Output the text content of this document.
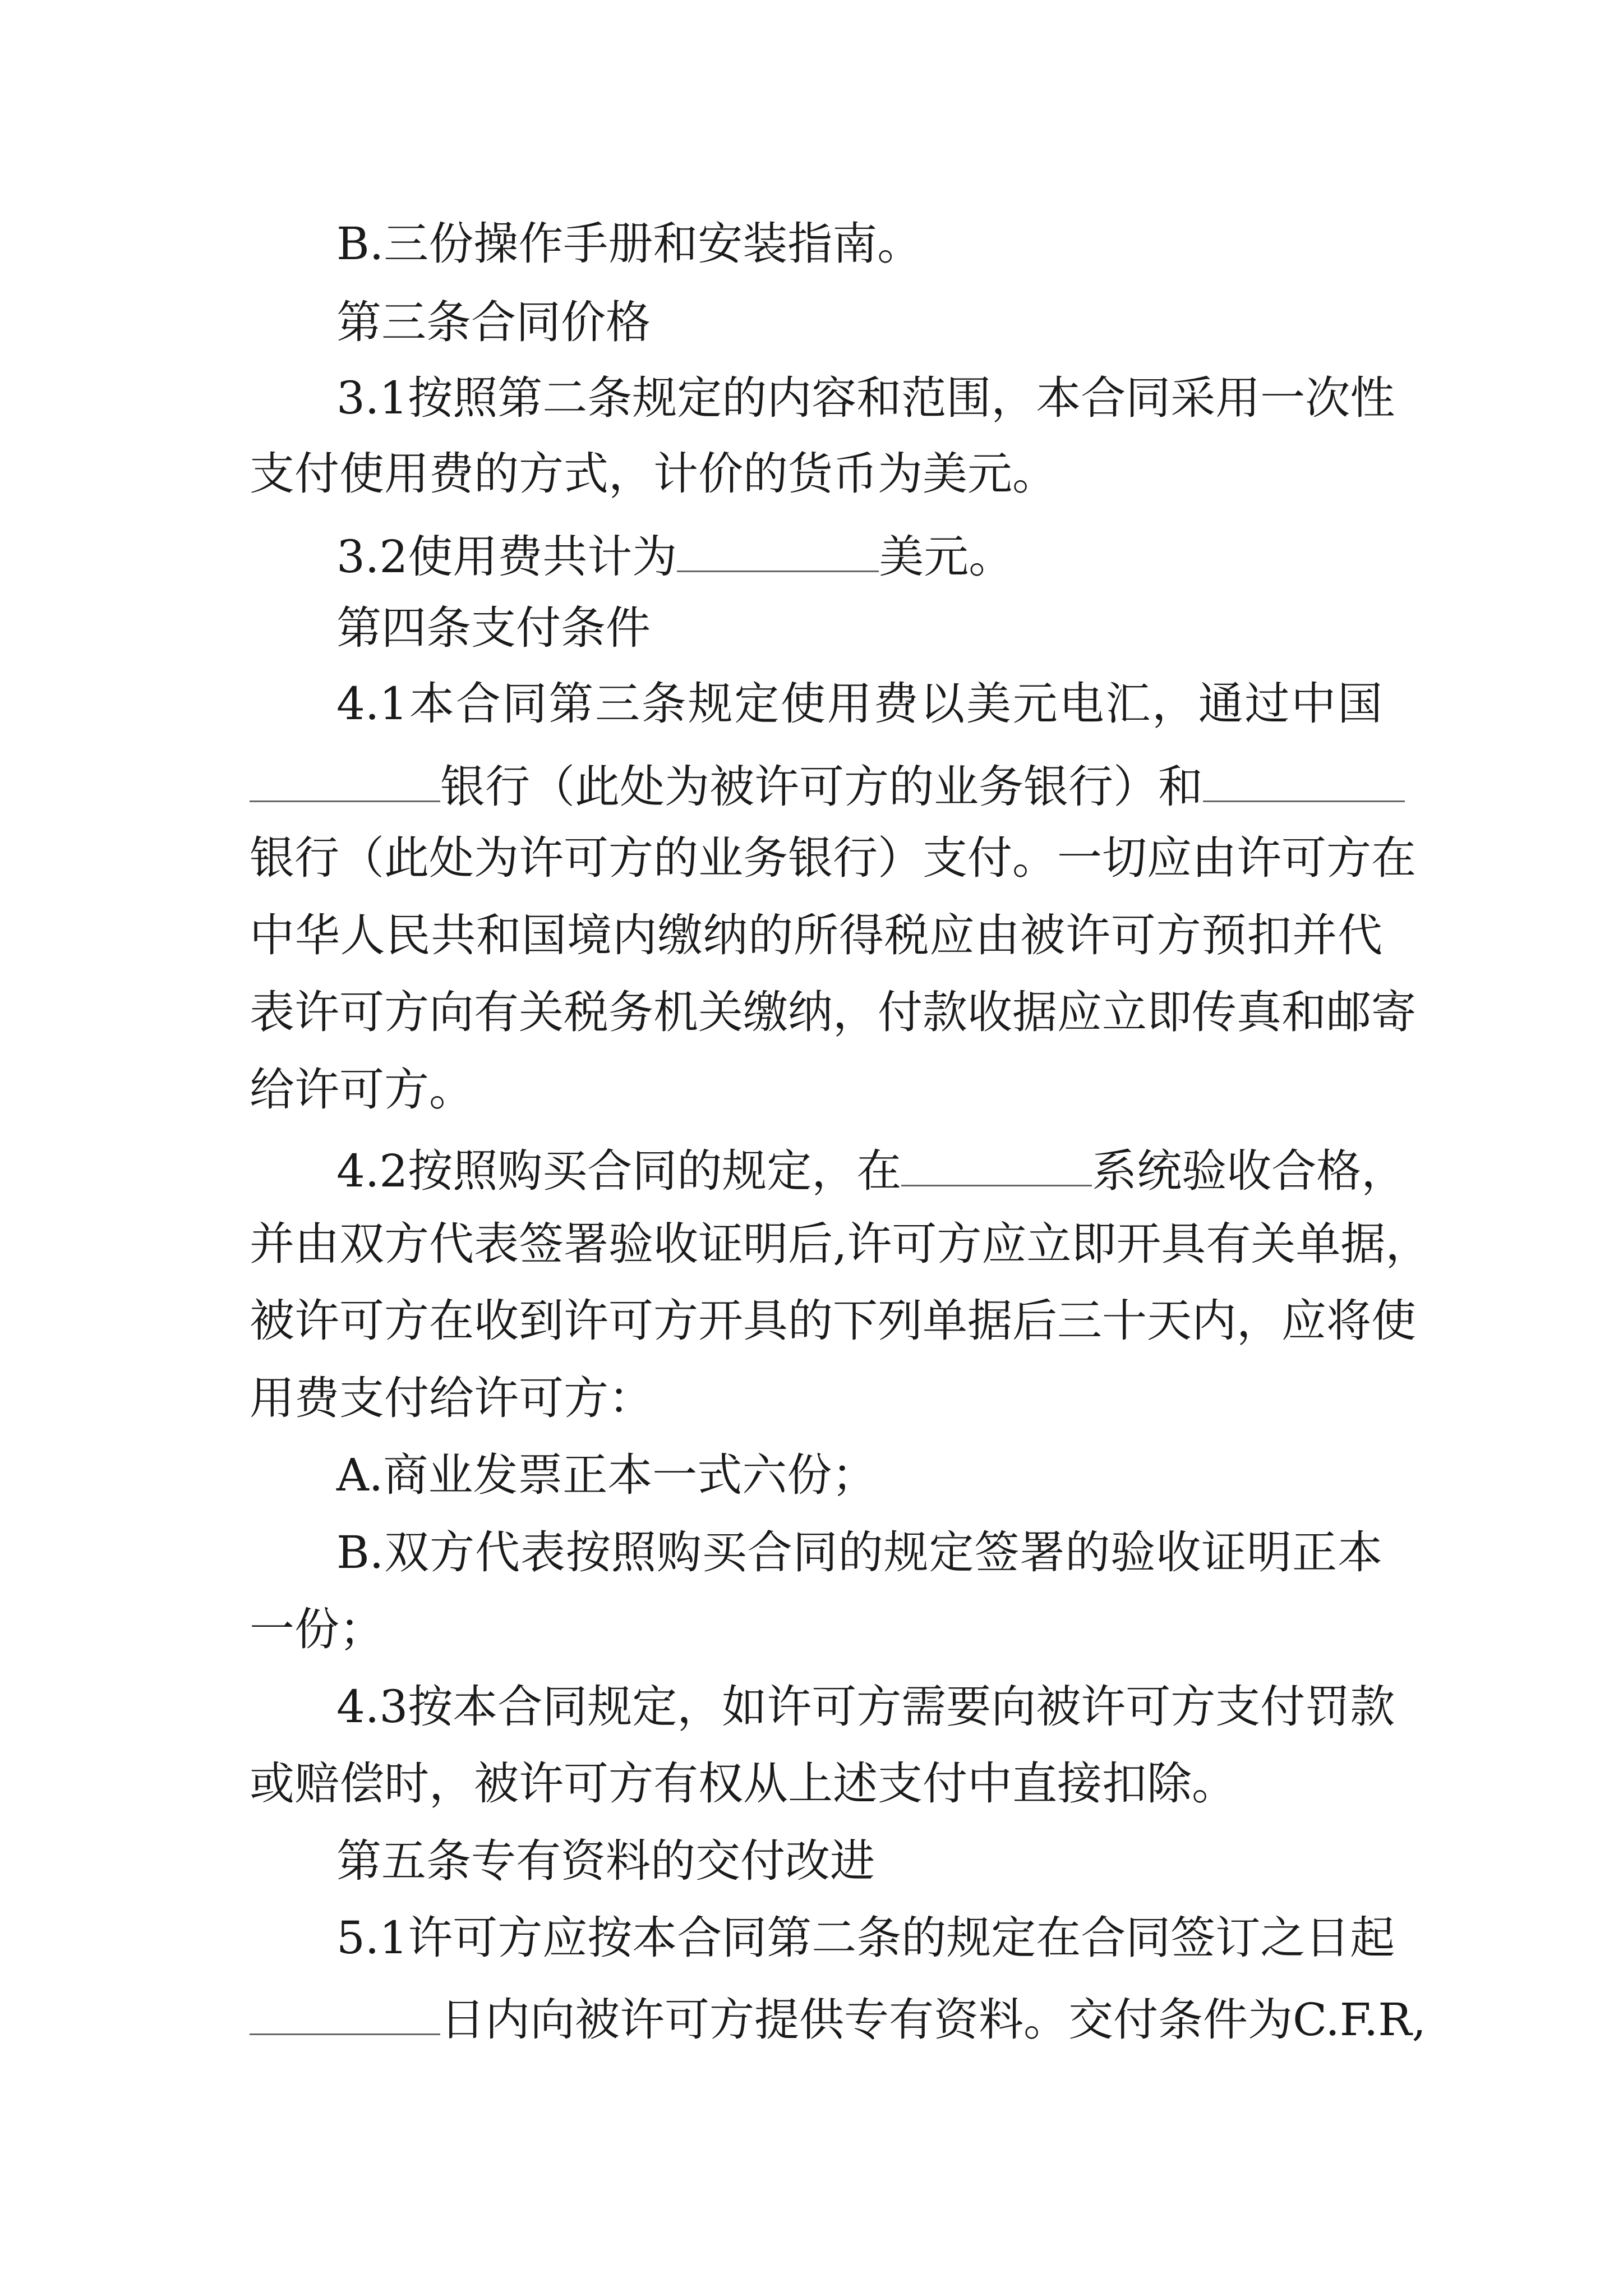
B.三份操作手册和安装指南。
第三条合同价格
3.1按照第二条规定的内容和范围，本合同采用一次性
支付使用费的方式，计价的货币为美元。
3.2使用费共计为	美元。
第四条支付条件
4.1本合同第三条规定使用费以美元电汇，通过中国
银行（此处为被许可方的业务银行）和
银行（此处为许可方的业务银行）支付。一切应由许可方在
中华人民共和国境内缴纳的所得税应由被许可方预扣并代
表许可方向有关税务机关缴纳，付款收据应立即传真和邮寄
给许可方。
4.2按照购买合同的规定，在	系统验收合格，
并由双方代表签署验收证明后,许可方应立即开具有关单据，
被许可方在收到许可方开具的下列单据后三十天内，应将使
用费支付给许可方：
A.商业发票正本一式六份；
B.双方代表按照购买合同的规定签署的验收证明正本
一份；
4.3按本合同规定，如许可方需要向被许可方支付罚款
或赔偿时，被许可方有权从上述支付中直接扣除。
第五条专有资料的交付改进
5.1许可方应按本合同第二条的规定在合同签订之日起
日内向被许可方提供专有资料。交付条件为C.F.R,
